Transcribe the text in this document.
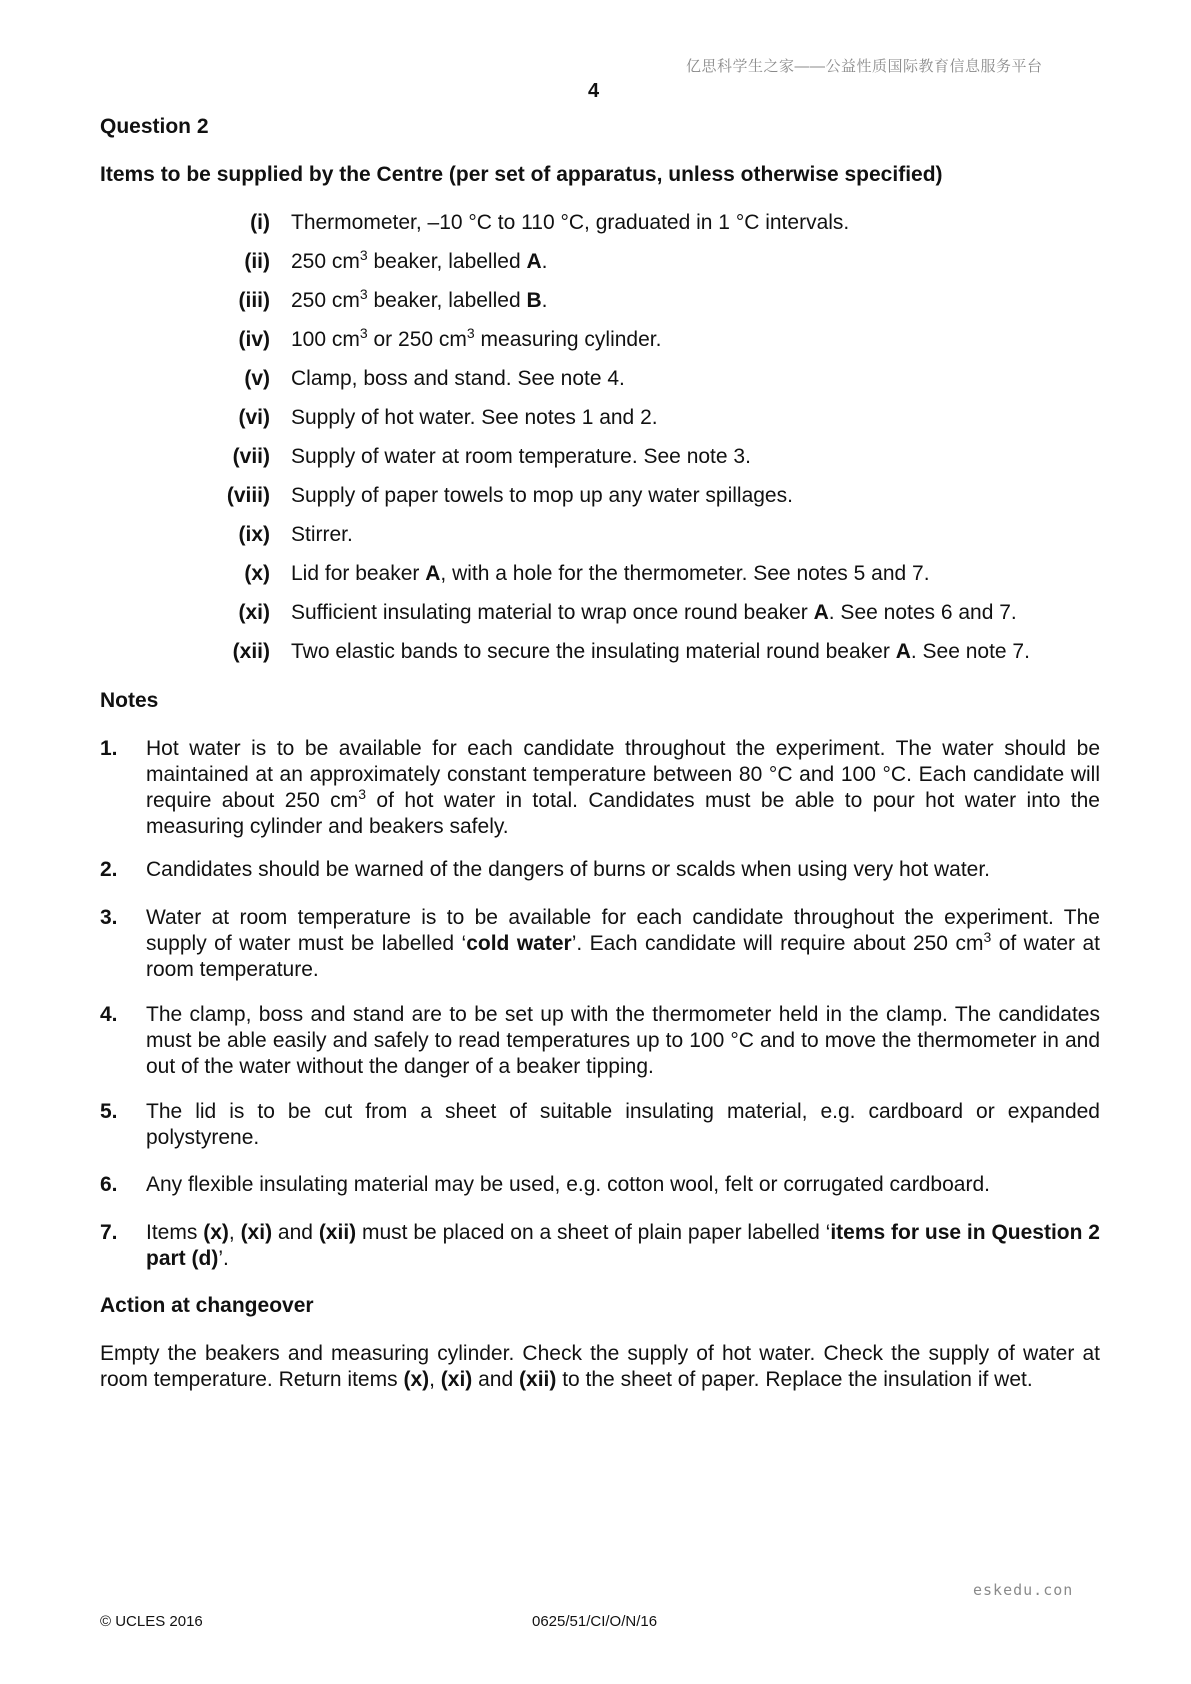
亿思科学生之家——公益性质国际教育信息服务平台
4
Question 2
Items to be supplied by the Centre (per set of apparatus, unless otherwise specified)
(i) Thermometer, –10 °C to 110 °C, graduated in 1 °C intervals.
(ii) 250 $cm^3$ beaker, labelled A.
(iii) 250 $cm^3$ beaker, labelled B.
(iv) 100 $cm^3$ or 250 $cm^3$ measuring cylinder.
(v) Clamp, boss and stand. See note 4.
(vi) Supply of hot water. See notes 1 and 2.
(vii) Supply of water at room temperature. See note 3.
(viii) Supply of paper towels to mop up any water spillages.
(ix) Stirrer.
(x) Lid for beaker A, with a hole for the thermometer. See notes 5 and 7.
(xi) Sufficient insulating material to wrap once round beaker A. See notes 6 and 7.
(xii) Two elastic bands to secure the insulating material round beaker A. See note 7.
Notes
1. Hot water is to be available for each candidate throughout the experiment. The water should be maintained at an approximately constant temperature between 80 °C and 100 °C. Each candidate will require about 250 $cm^3$ of hot water in total. Candidates must be able to pour hot water into the measuring cylinder and beakers safely.
2. Candidates should be warned of the dangers of burns or scalds when using very hot water.
3. Water at room temperature is to be available for each candidate throughout the experiment. The supply of water must be labelled ‘cold water’. Each candidate will require about 250 $cm^3$ of water at room temperature.
4. The clamp, boss and stand are to be set up with the thermometer held in the clamp. The candidates must be able easily and safely to read temperatures up to 100 °C and to move the thermometer in and out of the water without the danger of a beaker tipping.
5. The lid is to be cut from a sheet of suitable insulating material, e.g. cardboard or expanded polystyrene.
6. Any flexible insulating material may be used, e.g. cotton wool, felt or corrugated cardboard.
7. Items (x), (xi) and (xii) must be placed on a sheet of plain paper labelled ‘items for use in Question 2 part (d)’.
Action at changeover
Empty the beakers and measuring cylinder. Check the supply of hot water. Check the supply of water at room temperature. Return items (x), (xi) and (xii) to the sheet of paper. Replace the insulation if wet.
eskedu.con
© UCLES 2016	0625/51/CI/O/N/16
